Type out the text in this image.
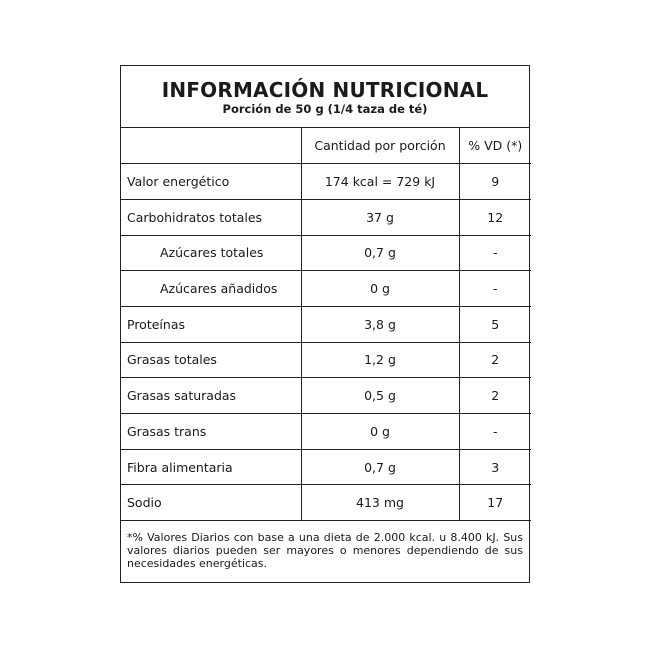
INFORMACIÓN NUTRICIONAL
Porción de 50 g (1/4 taza de té)
	Cantidad por porción	% VD (*)
Valor energético	174 kcal = 729 kJ	9
Carbohidratos totales	37 g	12
Azúcares totales	0,7 g	-
Azúcares añadidos	0 g	-
Proteínas	3,8 g	5
Grasas totales	1,2 g	2
Grasas saturadas	0,5 g	2
Grasas trans	0 g	-
Fibra alimentaria	0,7 g	3
Sodio	413 mg	17
*% Valores Diarios con base a una dieta de 2.000 kcal. u 8.400 kJ. Sus valores diarios pueden ser mayores o menores dependiendo de sus necesidades energéticas.
